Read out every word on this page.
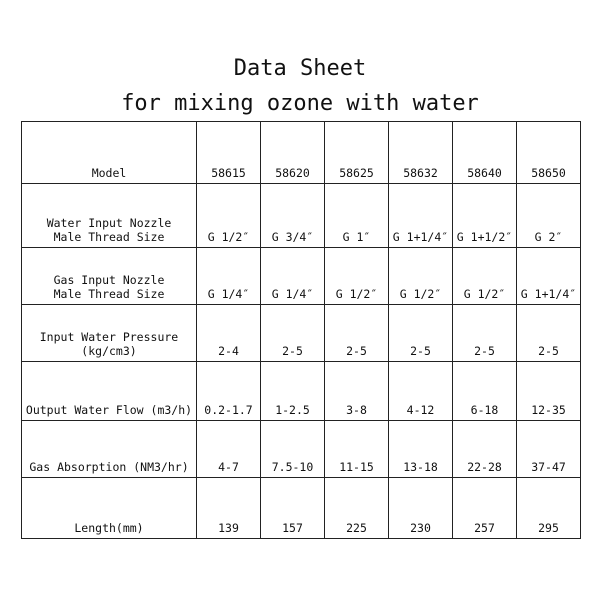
Data Sheet
for mixing ozone with water
Model	58615	58620	58625	58632	58640	58650

Water Input Nozzle
Male Thread Size	G 1/2″	G 3/4″	G 1″	G 1+1/4″	G 1+1/2″	G 2″

Gas Input Nozzle
Male Thread Size	G 1/4″	G 1/4″	G 1/2″	G 1/2″	G 1/2″	G 1+1/4″

Input Water Pressure
(kg/cm3)	2-4	2-5	2-5	2-5	2-5	2-5

Output Water Flow (m3/h)	0.2-1.7	1-2.5	3-8	4-12	6-18	12-35

Gas Absorption (NM3/hr)	4-7	7.5-10	11-15	13-18	22-28	37-47

Length(mm)	139	157	225	230	257	295
